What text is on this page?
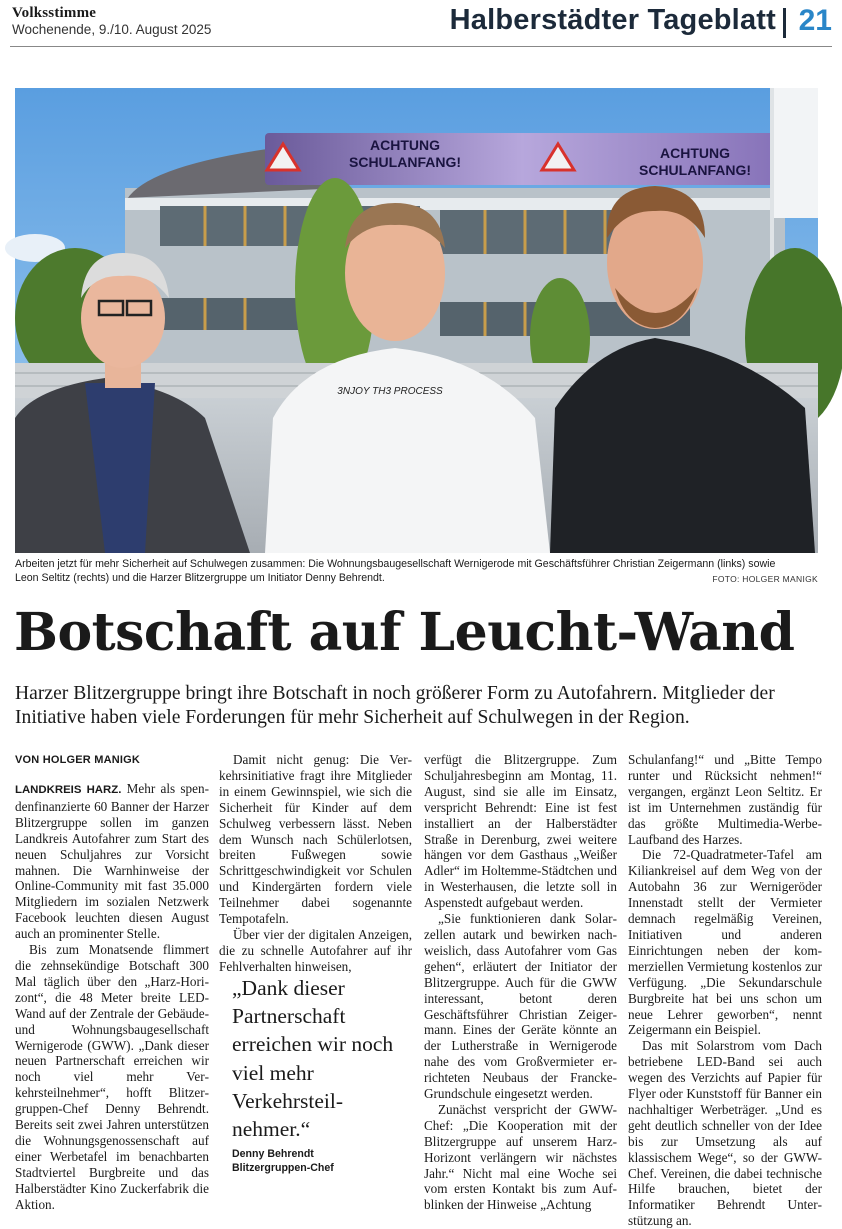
Volksstimme
Wochenende, 9./10. August 2025	Halberstädter Tageblatt 21
ACHTUNG
SCHULANFANG!
ACHTUNG
SCHULANFANG!
3NJOY TH3 PROCESS
Arbeiten jetzt für mehr Sicherheit auf Schulwegen zusammen: Die Wohnungsbaugesellschaft Wernigerode mit Geschäftsführer Christian Zeigermann (links) sowie
Leon Seltitz (rechts) und die Harzer Blitzergruppe um Initiator Denny Behrendt.	FOTO: HOLGER MANIGK
Botschaft auf Leucht-Wand
Harzer Blitzergruppe bringt ihre Botschaft in noch größerer Form zu Autofahrern. Mitglieder der Initiative haben viele Forderungen für mehr Sicherheit auf Schulwegen in der Region.
VON HOLGER MANIGK

LANDKREIS HARZ. Mehr als spendenfinanzierte 60 Banner der Harzer Blitzergruppe sollen im ganzen Landkreis Autofahrer zum Start des neuen Schuljahres zur Vorsicht mahnen. Die Warnhinweise der Online-Community mit fast 35.000 Mitgliedern im sozialen Netzwerk Facebook leuchten diesen August auch an prominenter Stelle.

Bis zum Monatsende flimmert die zehnsekündige Botschaft 300 Mal täglich über den „Harz-Horizont“, die 48 Meter breite LED-Wand auf der Zentrale der Gebäude- und Wohnungsbaugesellschaft Wernigerode (GWW). „Dank dieser neuen Partnerschaft erreichen wir noch viel mehr Verkehrsteilnehmer“, hofft Blitzergruppen-Chef Denny Behrendt. Bereits seit zwei Jahren unterstützen die Wohnungsgenossenschaft auf einer Werbetafel im benachbarten Stadtviertel Burgbreite und das Halberstädter Kino Zuckerfabrik die Aktion.

Damit nicht genug: Die Verkehrsinitiative fragt ihre Mitglieder in einem Gewinnspiel, wie sich die Sicherheit für Kinder auf dem Schulweg verbessern lässt. Neben dem Wunsch nach Schülerlotsen, breiten Fußwegen sowie Schrittgeschwindigkeit vor Schulen und Kindergärten fordern viele Teilnehmer dabei sogenannte Tempotafeln.

Über vier der digitalen Anzeigen, die zu schnelle Autofahrer auf ihr Fehlverhalten hinweisen,

„Dank dieser Partnerschaft erreichen wir noch viel mehr Verkehrsteilnehmer.“
Denny Behrendt
Blitzergruppen-Chef

verfügt die Blitzergruppe. Zum Schuljahresbeginn am Montag, 11. August, sind sie alle im Einsatz, verspricht Behrendt: Eine ist fest installiert an der Halberstädter Straße in Derenburg, zwei weitere hängen vor dem Gasthaus „Weißer Adler“ im Holtemme-Städtchen und in Westerhausen, die letzte soll in Aspenstedt aufgebaut werden.

„Sie funktionieren dank Solarzellen autark und bewirken nachweislich, dass Autofahrer vom Gas gehen“, erläutert der Initiator der Blitzergruppe. Auch für die GWW interessant, betont deren Geschäftsführer Christian Zeigermann. Eines der Geräte könnte an der Lutherstraße in Wernigerode nahe des vom Großvermieter errichteten Neubaus der Francke-Grundschule eingesetzt werden.

Zunächst verspricht der GWW-Chef: „Die Kooperation mit der Blitzergruppe auf unserem Harz-Horizont verlängern wir nächstes Jahr.“ Nicht mal eine Woche sei vom ersten Kontakt bis zum Aufblinken der Hinweise „Achtung

Schulanfang!“ und „Bitte Tempo runter und Rücksicht nehmen!“ vergangen, ergänzt Leon Seltitz. Er ist im Unternehmen zuständig für das größte Multimedia-Werbe-Laufband des Harzes.

Die 72-Quadratmeter-Tafel am Kiliankreisel auf dem Weg von der Autobahn 36 zur Wernigeröder Innenstadt stellt der Vermieter demnach regelmäßig Vereinen, Initiativen und anderen Einrichtungen neben der kommerziellen Vermietung kostenlos zur Verfügung. „Die Sekundarschule Burgbreite hat bei uns schon um neue Lehrer geworben“, nennt Zeigermann ein Beispiel.

Das mit Solarstrom vom Dach betriebene LED-Band sei auch wegen des Verzichts auf Papier für Flyer oder Kunststoff für Banner ein nachhaltiger Werbeträger. „Und es geht deutlich schneller von der Idee bis zur Umsetzung als auf klassischem Wege“, so der GWW-Chef. Vereinen, die dabei technische Hilfe brauchen, bietet der Informatiker Behrendt Unterstützung an.
